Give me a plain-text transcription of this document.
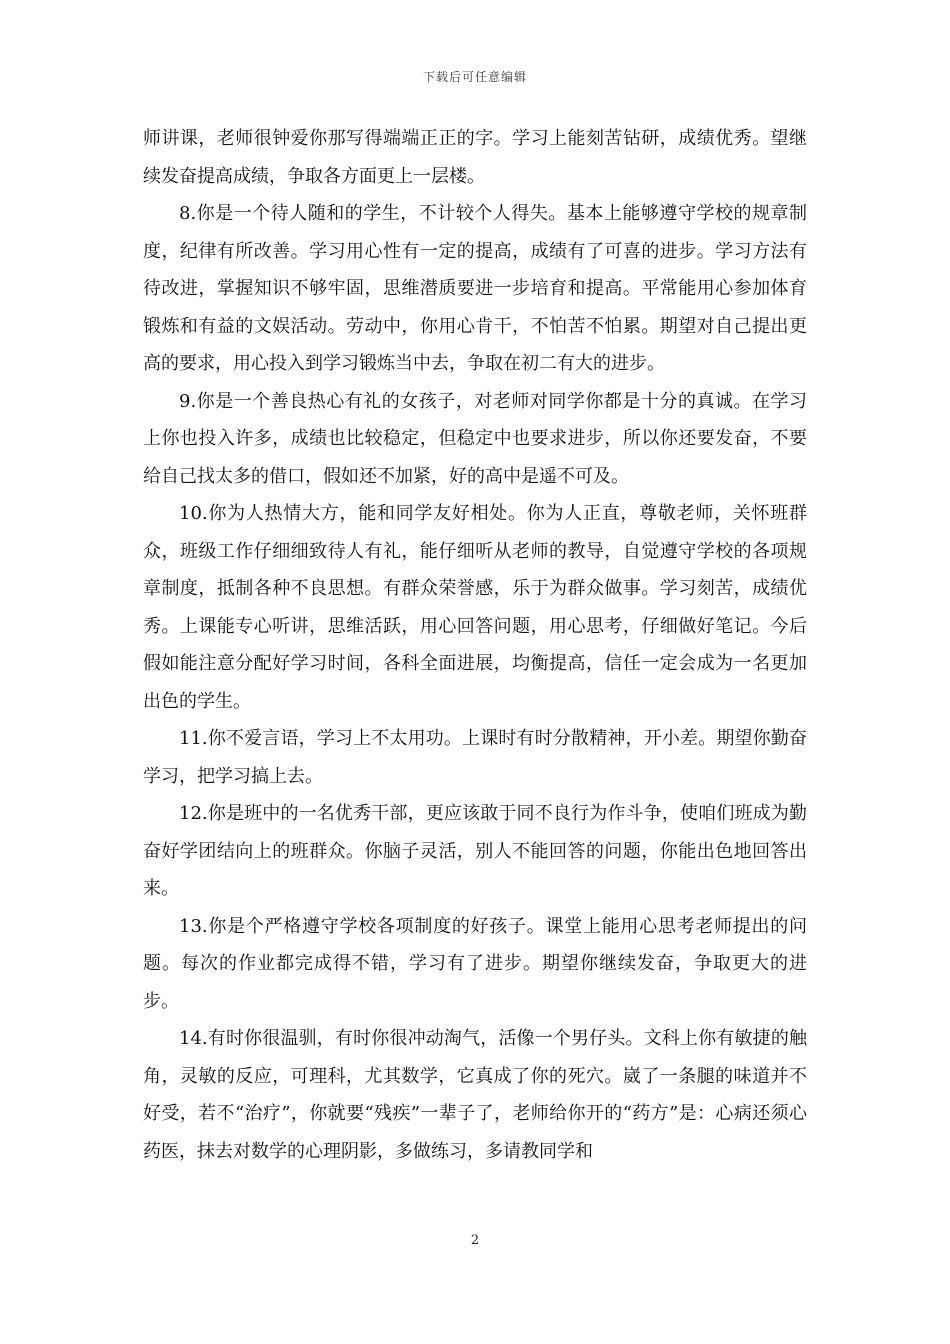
下载后可任意编辑

师讲课，老师很钟爱你那写得端端正正的字。学习上能刻苦钻研，成绩优秀。望继续发奋提高成绩，争取各方面更上一层楼。

8.你是一个待人随和的学生，不计较个人得失。基本上能够遵守学校的规章制度，纪律有所改善。学习用心性有一定的提高，成绩有了可喜的进步。学习方法有待改进，掌握知识不够牢固，思维潜质要进一步培育和提高。平常能用心参加体育锻炼和有益的文娱活动。劳动中，你用心肯干，不怕苦不怕累。期望对自己提出更高的要求，用心投入到学习锻炼当中去，争取在初二有大的进步。

9.你是一个善良热心有礼的女孩子，对老师对同学你都是十分的真诚。在学习上你也投入许多，成绩也比较稳定，但稳定中也要求进步，所以你还要发奋，不要给自己找太多的借口，假如还不加紧，好的高中是遥不可及。

10.你为人热情大方，能和同学友好相处。你为人正直，尊敬老师，关怀班群众，班级工作仔细细致待人有礼，能仔细听从老师的教导，自觉遵守学校的各项规章制度，抵制各种不良思想。有群众荣誉感，乐于为群众做事。学习刻苦，成绩优秀。上课能专心听讲，思维活跃，用心回答问题，用心思考，仔细做好笔记。今后假如能注意分配好学习时间，各科全面进展，均衡提高，信任一定会成为一名更加出色的学生。

11.你不爱言语，学习上不太用功。上课时有时分散精神，开小差。期望你勤奋学习，把学习搞上去。

12.你是班中的一名优秀干部，更应该敢于同不良行为作斗争，使咱们班成为勤奋好学团结向上的班群众。你脑子灵活，别人不能回答的问题，你能出色地回答出来。

13.你是个严格遵守学校各项制度的好孩子。课堂上能用心思考老师提出的问题。每次的作业都完成得不错，学习有了进步。期望你继续发奋，争取更大的进步。

14.有时你很温驯，有时你很冲动淘气，活像一个男仔头。文科上你有敏捷的触角，灵敏的反应，可理科，尤其数学，它真成了你的死穴。崴了一条腿的味道并不好受，若不“治疗”，你就要“残疾”一辈子了，老师给你开的“药方”是：心病还须心药医，抹去对数学的心理阴影，多做练习，多请教同学和

2
